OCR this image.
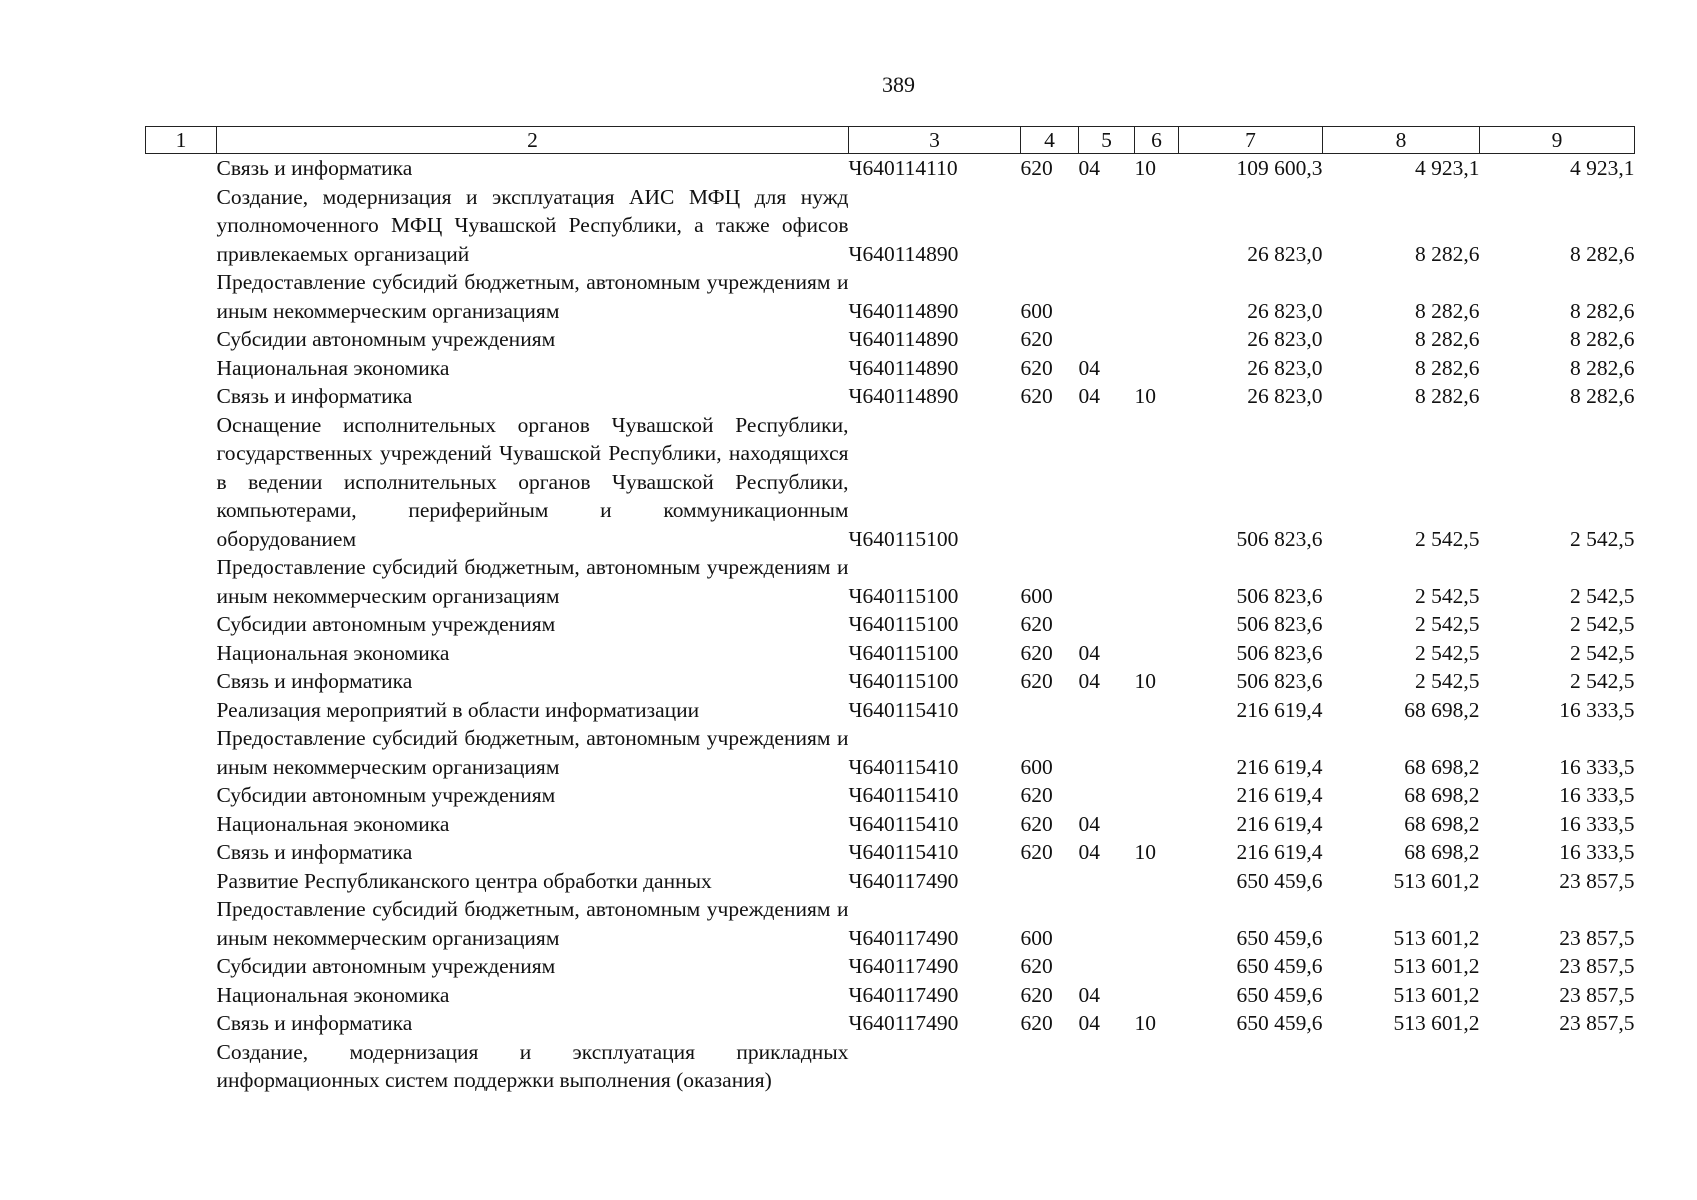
389
1	2	3	4	5	6	7	8	9
	Связь и информатика	Ч640114110	620	04	10	109 600,3	4 923,1	4 923,1
	Создание, модернизация и эксплуатация АИС МФЦ для нужд уполномоченного МФЦ Чувашской Республики, а также офисов привлекаемых организаций	Ч640114890				26 823,0	8 282,6	8 282,6
	Предоставление субсидий бюджетным, автономным учреждениям и иным некоммерческим организациям	Ч640114890	600			26 823,0	8 282,6	8 282,6
	Субсидии автономным учреждениям	Ч640114890	620			26 823,0	8 282,6	8 282,6
	Национальная экономика	Ч640114890	620	04		26 823,0	8 282,6	8 282,6
	Связь и информатика	Ч640114890	620	04	10	26 823,0	8 282,6	8 282,6
	Оснащение исполнительных органов Чувашской Республики, государственных учреждений Чувашской Республики, находящихся в ведении исполнительных органов Чувашской Республики, компьютерами, периферийным и коммуникационным оборудованием	Ч640115100				506 823,6	2 542,5	2 542,5
	Предоставление субсидий бюджетным, автономным учреждениям и иным некоммерческим организациям	Ч640115100	600			506 823,6	2 542,5	2 542,5
	Субсидии автономным учреждениям	Ч640115100	620			506 823,6	2 542,5	2 542,5
	Национальная экономика	Ч640115100	620	04		506 823,6	2 542,5	2 542,5
	Связь и информатика	Ч640115100	620	04	10	506 823,6	2 542,5	2 542,5
	Реализация мероприятий в области информатизации	Ч640115410				216 619,4	68 698,2	16 333,5
	Предоставление субсидий бюджетным, автономным учреждениям и иным некоммерческим организациям	Ч640115410	600			216 619,4	68 698,2	16 333,5
	Субсидии автономным учреждениям	Ч640115410	620			216 619,4	68 698,2	16 333,5
	Национальная экономика	Ч640115410	620	04		216 619,4	68 698,2	16 333,5
	Связь и информатика	Ч640115410	620	04	10	216 619,4	68 698,2	16 333,5
	Развитие Республиканского центра обработки данных	Ч640117490				650 459,6	513 601,2	23 857,5
	Предоставление субсидий бюджетным, автономным учреждениям и иным некоммерческим организациям	Ч640117490	600			650 459,6	513 601,2	23 857,5
	Субсидии автономным учреждениям	Ч640117490	620			650 459,6	513 601,2	23 857,5
	Национальная экономика	Ч640117490	620	04		650 459,6	513 601,2	23 857,5
	Связь и информатика	Ч640117490	620	04	10	650 459,6	513 601,2	23 857,5
	Создание, модернизация и эксплуатация прикладных информационных систем поддержки выполнения (оказания)							
